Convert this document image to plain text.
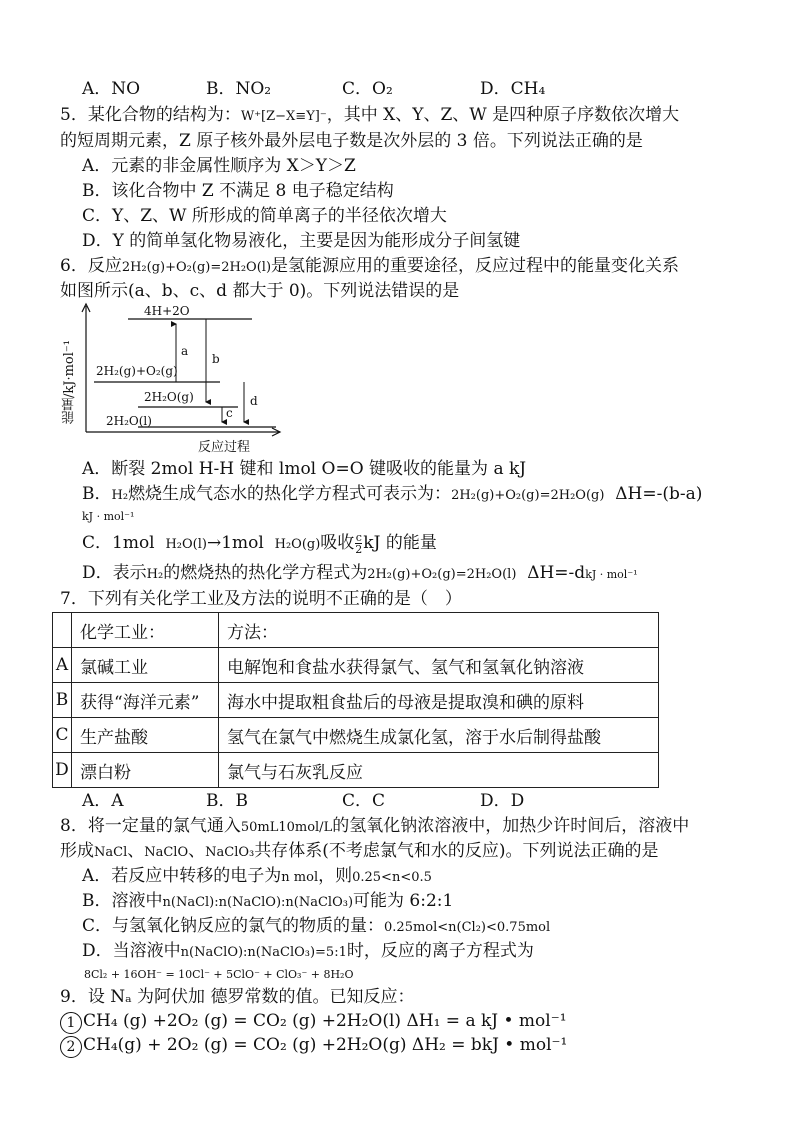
A．NO	B．NO₂	C．O₂	D．CH₄
5．某化合物的结构为：W⁺[Z−X≡Y]⁻，其中 X、Y、Z、W 是四种原子序数依次增大
的短周期元素，Z 原子核外最外层电子数是次外层的 3 倍。下列说法正确的是
A．元素的非金属性顺序为 X＞Y＞Z
B．该化合物中 Z 不满足 8 电子稳定结构
C．Y、Z、W 所形成的简单离子的半径依次增大
D．Y 的简单氢化物易液化，主要是因为能形成分子间氢键
6．反应2H₂(g)+O₂(g)=2H₂O(l)是氢能源应用的重要途径，反应过程中的能量变化关系
如图所示(a、b、c、d 都大于 0)。下列说法错误的是
能量/kJ·mol⁻¹
4H+2O
2H₂(g)+O₂(g)
2H₂O(g)
2H₂O(l)
a
b
c
d
反应过程
A．断裂 2mol H-H 键和 lmol O=O 键吸收的能量为 a kJ
B．H₂燃烧生成气态水的热化学方程式可表示为：2H₂(g)+O₂(g)=2H₂O(g) ΔH=-(b-a)
kJ · mol⁻¹
C．1mol H₂O(l)→1mol H₂O(g)吸收 $\frac{c}{2}$ kJ 的能量
D．表示H₂的燃烧热的热化学方程式为2H₂(g)+O₂(g)=2H₂O(l) ΔH=-dkJ · mol⁻¹
7．下列有关化学工业及方法的说明不正确的是（　）
	化学工业：	方法：
A	氯碱工业	电解饱和食盐水获得氯气、氢气和氢氧化钠溶液
B	获得“海洋元素”	海水中提取粗食盐后的母液是提取溴和碘的原料
C	生产盐酸	氢气在氯气中燃烧生成氯化氢，溶于水后制得盐酸
D	漂白粉	氯气与石灰乳反应
A．A	B．B	C．C	D．D
8．将一定量的氯气通入50mL10mol/L的氢氧化钠浓溶液中，加热少许时间后，溶液中
形成NaCl、NaClO、NaClO₃共存体系(不考虑氯气和水的反应)。下列说法正确的是
A．若反应中转移的电子为n mol，则0.25<n<0.5
B．溶液中n(NaCl):n(NaClO):n(NaClO₃)可能为 6:2:1
C．与氢氧化钠反应的氯气的物质的量：0.25mol<n(Cl₂)<0.75mol
D．当溶液中n(NaClO):n(NaClO₃)=5:1时，反应的离子方程式为
8Cl₂ + 16OH⁻ = 10Cl⁻ + 5ClO⁻ + ClO₃⁻ + 8H₂O
9．设 Nₐ 为阿伏加 德罗常数的值。已知反应：
1 CH₄ (g) +2O₂ (g) = CO₂ (g) +2H₂O(l) ΔH₁ = a kJ • mol⁻¹
2 CH₄(g) + 2O₂ (g) = CO₂ (g) +2H₂O(g) ΔH₂ = bkJ • mol⁻¹
